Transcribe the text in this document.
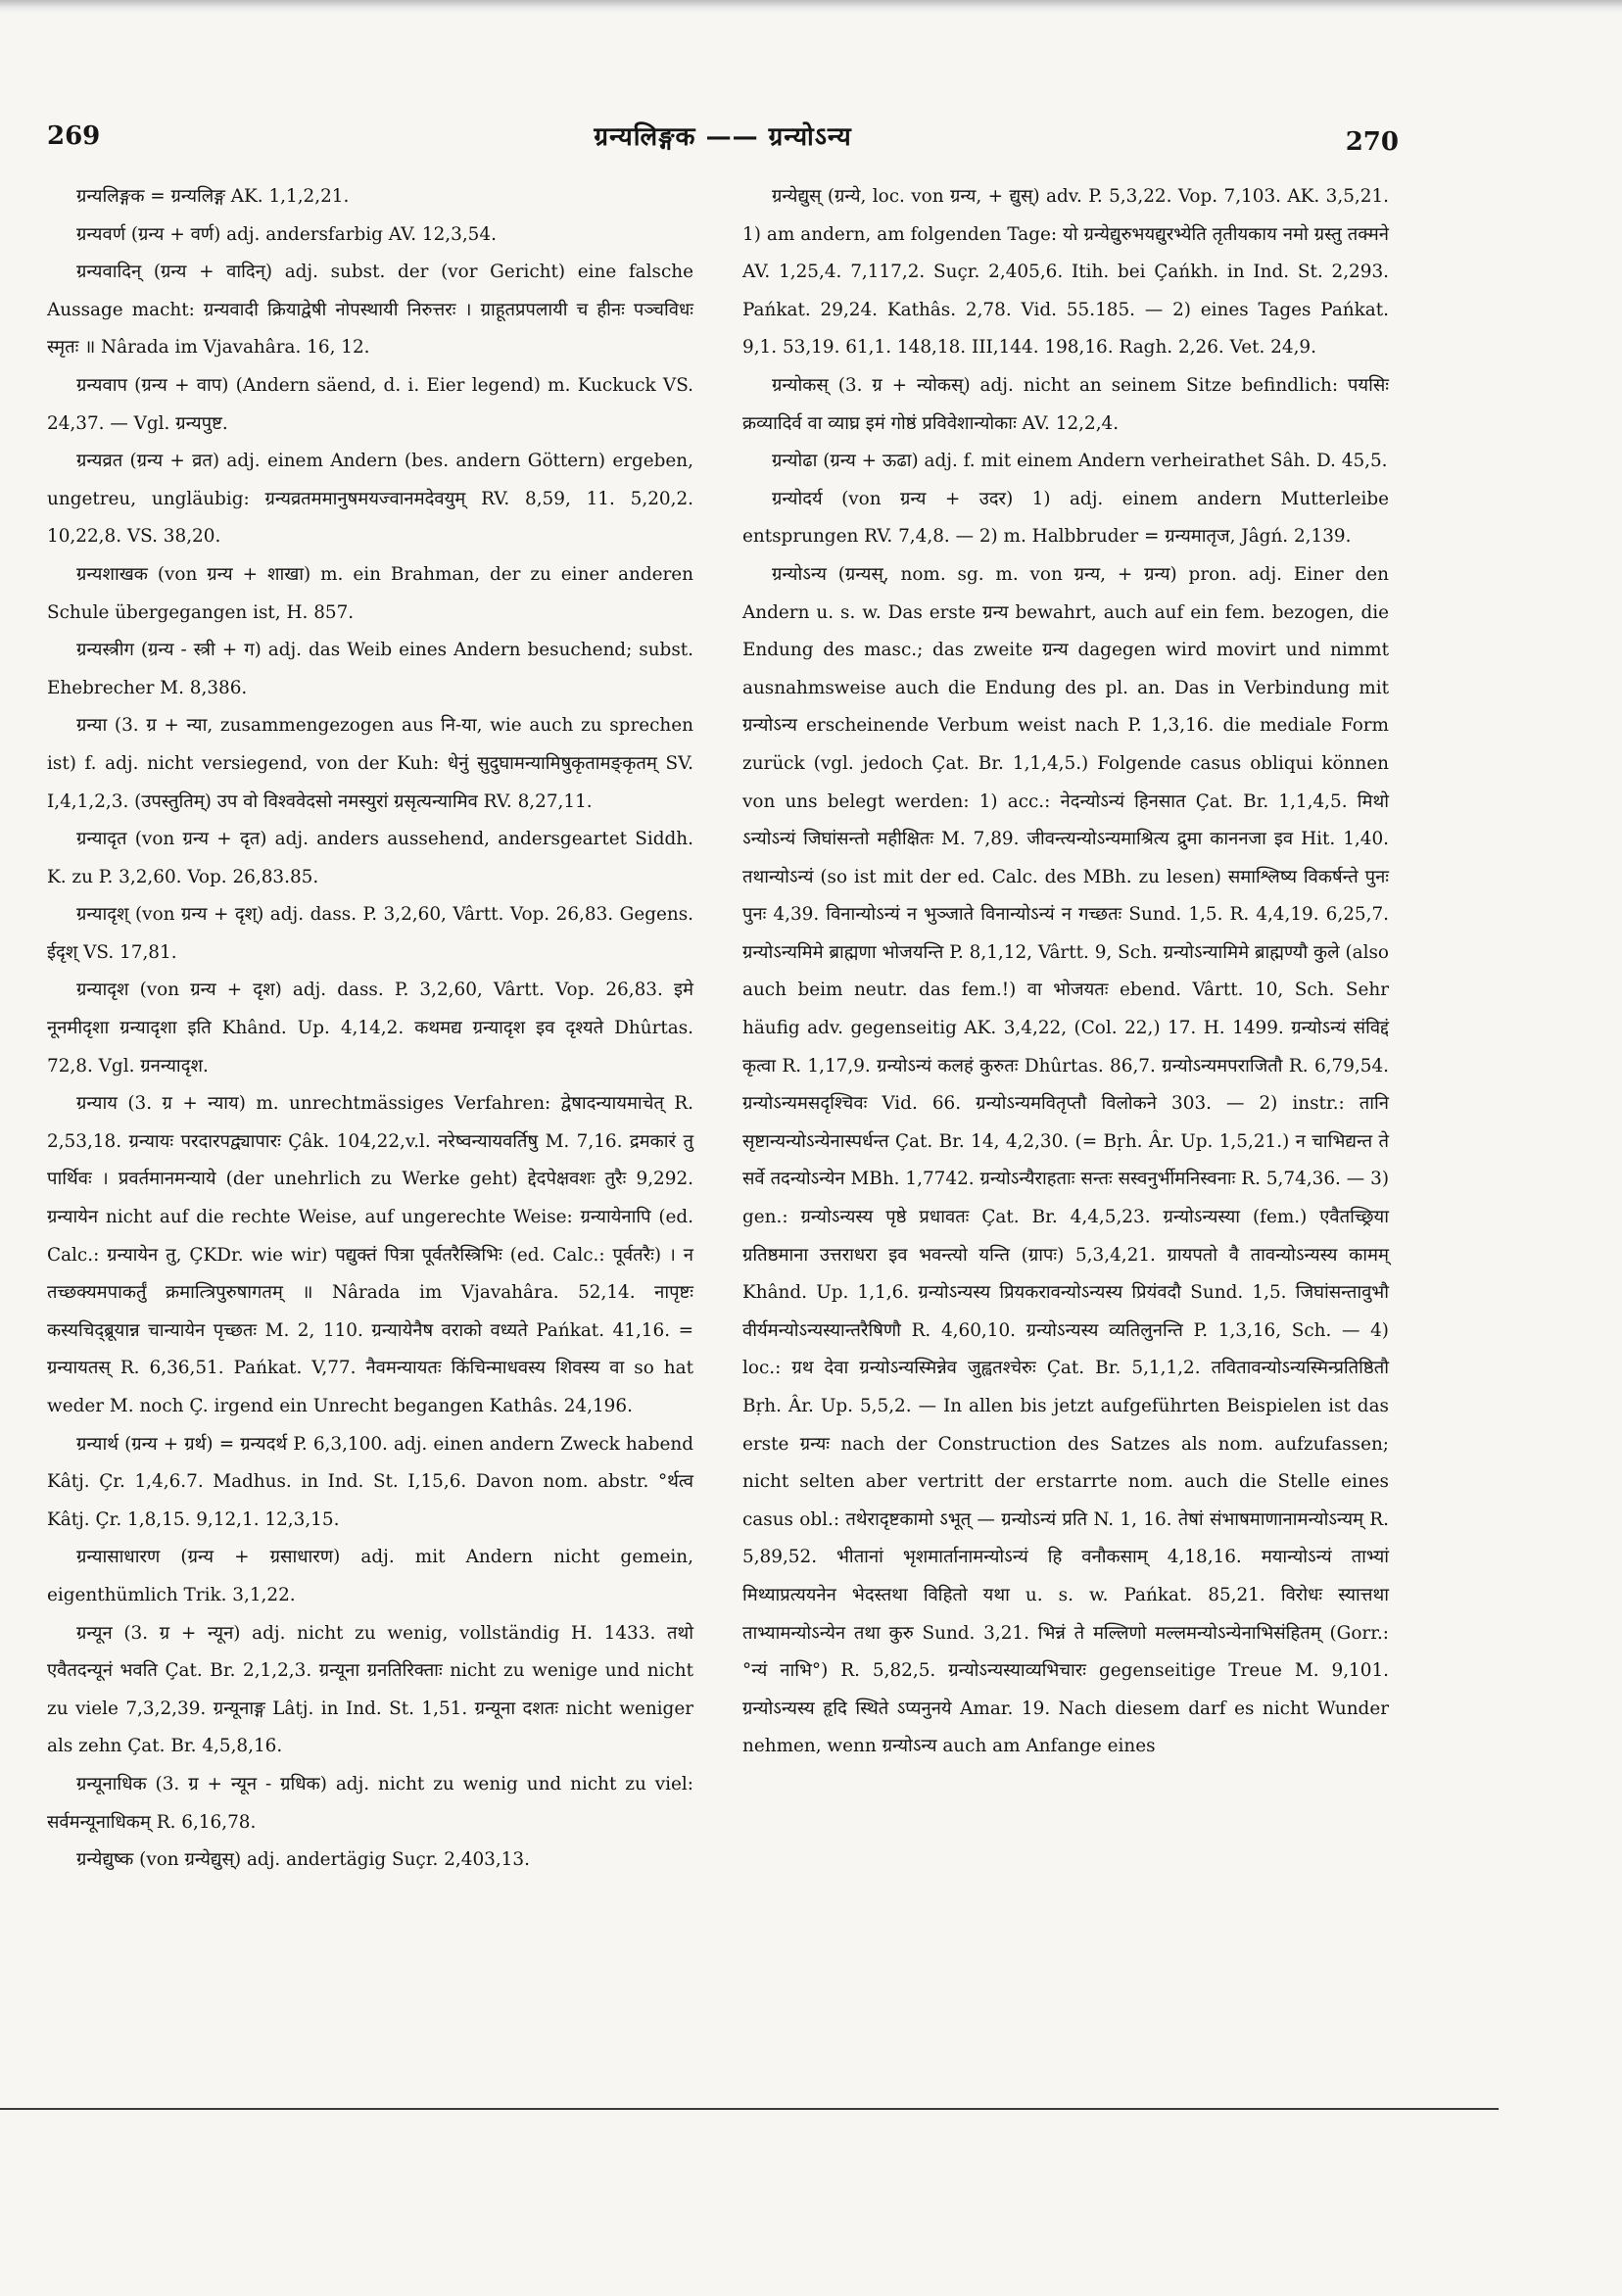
269	ग्रन्यलिङ्गक —— ग्रन्योऽन्य	270

ग्रन्यलिङ्गक = ग्रन्यलिङ्ग AK. 1,1,2,21.

ग्रन्यवर्ण (ग्रन्य + वर्ण) adj. andersfarbig AV. 12,3,54.

ग्रन्यवादिन् (ग्रन्य + वादिन्) adj. subst. der (vor Gericht) eine falsche Aussage macht: ग्रन्यवादी क्रियाद्वेषी नोपस्थायी निरुत्तरः । ग्राहूतप्रपलायी च हीनः पञ्चविधः स्मृतः ॥ Nârada im Vjavahâra. 16, 12.

ग्रन्यवाप (ग्रन्य + वाप) (Andern säend, d. i. Eier legend) m. Kuckuck VS. 24,37. — Vgl. ग्रन्यपुष्ट.

ग्रन्यव्रत (ग्रन्य + व्रत) adj. einem Andern (bes. andern Göttern) ergeben, ungetreu, ungläubig: ग्रन्यव्रतममानुषमयज्वानमदेवयुम् RV. 8,59, 11. 5,20,2. 10,22,8. VS. 38,20.

ग्रन्यशाखक (von ग्रन्य + शाखा) m. ein Brahman, der zu einer anderen Schule übergegangen ist, H. 857.

ग्रन्यस्त्रीग (ग्रन्य - स्त्री + ग) adj. das Weib eines Andern besuchend; subst. Ehebrecher M. 8,386.

ग्रन्या (3. ग्र + न्या, zusammengezogen aus नि-या, wie auch zu sprechen ist) f. adj. nicht versiegend, von der Kuh: धेनुं सुदुघामन्यामिषुकृतामङ्कृतम् SV. I,4,1,2,3. (उपस्तुतिम्) उप वो विश्ववेदसो नमस्युरां ग्रसृत्यन्यामिव RV. 8,27,11.

ग्रन्यादृत (von ग्रन्य + दृत) adj. anders aussehend, andersgeartet Siddh. K. zu P. 3,2,60. Vop. 26,83.85.

ग्रन्यादृश् (von ग्रन्य + दृश्) adj. dass. P. 3,2,60, Vârtt. Vop. 26,83. Gegens. ईदृश् VS. 17,81.

ग्रन्यादृश (von ग्रन्य + दृश) adj. dass. P. 3,2,60, Vârtt. Vop. 26,83. इमे नूनमीदृशा ग्रन्यादृशा इति Khând. Up. 4,14,2. कथमद्य ग्रन्यादृश इव दृश्यते Dhûrtas. 72,8. Vgl. ग्रनन्यादृश.

ग्रन्याय (3. ग्र + न्याय) m. unrechtmässiges Verfahren: द्वेषादन्यायमाचेत् R. 2,53,18. ग्रन्यायः परदारपद्व्यापारः Çâk. 104,22,v.l. नरेष्वन्यायवर्तिषु M. 7,16. द्रमकारं तु पार्थिवः । प्रवर्तमानमन्याये (der unehrlich zu Werke geht) द्देदपेक्षवशः तुरैः 9,292. ग्रन्यायेन nicht auf die rechte Weise, auf ungerechte Weise: ग्रन्यायेनापि (ed. Calc.: ग्रन्यायेन तु, ÇKDr. wie wir) पद्युक्तं पित्रा पूर्वतरैस्त्रिभिः (ed. Calc.: पूर्वतरैः) । न तच्छक्यमपाकर्तुं क्रमात्त्रिपुरुषागतम् ॥ Nârada im Vjavahâra. 52,14. नापृष्टः कस्यचिद्ब्रूयान्न चान्यायेन पृच्छतः M. 2, 110. ग्रन्यायेनैष वराको वध्यते Pańkat. 41,16. = ग्रन्यायतस् R. 6,36,51. Pańkat. V,77. नैवमन्यायतः किंचिन्माधवस्य शिवस्य वा so hat weder M. noch Ç. irgend ein Unrecht begangen Kathâs. 24,196.

ग्रन्यार्थ (ग्रन्य + ग्रर्थ) = ग्रन्यदर्थ P. 6,3,100. adj. einen andern Zweck habend Kâtj. Çr. 1,4,6.7. Madhus. in Ind. St. I,15,6. Davon nom. abstr. °र्थत्व Kâtj. Çr. 1,8,15. 9,12,1. 12,3,15.

ग्रन्यासाधारण (ग्रन्य + ग्रसाधारण) adj. mit Andern nicht gemein, eigenthümlich Trik. 3,1,22.

ग्रन्यून (3. ग्र + न्यून) adj. nicht zu wenig, vollständig H. 1433. तथो एवैतदन्यूनं भवति Çat. Br. 2,1,2,3. ग्रन्यूना ग्रनतिरिक्ताः nicht zu wenige und nicht zu viele 7,3,2,39. ग्रन्यूनाङ्ग Lâtj. in Ind. St. 1,51. ग्रन्यूना दशतः nicht weniger als zehn Çat. Br. 4,5,8,16.

ग्रन्यूनाधिक (3. ग्र + न्यून - ग्रधिक) adj. nicht zu wenig und nicht zu viel: सर्वमन्यूनाधिकम् R. 6,16,78.

ग्रन्येद्युष्क (von ग्रन्येद्युस्) adj. andertägig Suçr. 2,403,13.

ग्रन्येद्युस् (ग्रन्ये, loc. von ग्रन्य, + द्युस्) adv. P. 5,3,22. Vop. 7,103. AK. 3,5,21. 1) am andern, am folgenden Tage: यो ग्रन्येद्युरुभयद्युरभ्येति तृतीयकाय नमो ग्रस्तु तक्मने AV. 1,25,4. 7,117,2. Suçr. 2,405,6. Itih. bei Çańkh. in Ind. St. 2,293. Pańkat. 29,24. Kathâs. 2,78. Vid. 55.185. — 2) eines Tages Pańkat. 9,1. 53,19. 61,1. 148,18. III,144. 198,16. Ragh. 2,26. Vet. 24,9.

ग्रन्योकस् (3. ग्र + न्योकस्) adj. nicht an seinem Sitze befindlich: पयसिः क्रव्यादिर्व वा व्याघ्र इमं गोष्ठं प्रविवेशान्योकाः AV. 12,2,4.

ग्रन्योढा (ग्रन्य + ऊढा) adj. f. mit einem Andern verheirathet Sâh. D. 45,5.

ग्रन्योदर्य (von ग्रन्य + उदर) 1) adj. einem andern Mutterleibe entsprungen RV. 7,4,8. — 2) m. Halbbruder = ग्रन्यमातृज, Jâgń. 2,139.

ग्रन्योऽन्य (ग्रन्यस्, nom. sg. m. von ग्रन्य, + ग्रन्य) pron. adj. Einer den Andern u. s. w. Das erste ग्रन्य bewahrt, auch auf ein fem. bezogen, die Endung des masc.; das zweite ग्रन्य dagegen wird movirt und nimmt ausnahmsweise auch die Endung des pl. an. Das in Verbindung mit ग्रन्योऽन्य erscheinende Verbum weist nach P. 1,3,16. die mediale Form zurück (vgl. jedoch Çat. Br. 1,1,4,5.) Folgende casus obliqui können von uns belegt werden: 1) acc.: नेदन्योऽन्यं हिनसात Çat. Br. 1,1,4,5. मिथो ऽन्योऽन्यं जिघांसन्तो महीक्षितः M. 7,89. जीवन्त्यन्योऽन्यमाश्रित्य द्रुमा काननजा इव Hit. 1,40. तथान्योऽन्यं (so ist mit der ed. Calc. des MBh. zu lesen) समाश्लिष्य विकर्षन्ते पुनः पुनः 4,39. विनान्योऽन्यं न भुञ्जाते विनान्योऽन्यं न गच्छतः Sund. 1,5. R. 4,4,19. 6,25,7. ग्रन्योऽन्यमिमे ब्राह्मणा भोजयन्ति P. 8,1,12, Vârtt. 9, Sch. ग्रन्योऽन्यामिमे ब्राह्मण्यौ कुले (also auch beim neutr. das fem.!) वा भोजयतः ebend. Vârtt. 10, Sch. Sehr häufig adv. gegenseitig AK. 3,4,22, (Col. 22,) 17. H. 1499. ग्रन्योऽन्यं संविद्दं कृत्वा R. 1,17,9. ग्रन्योऽन्यं कलहं कुरुतः Dhûrtas. 86,7. ग्रन्योऽन्यमपराजितौ R. 6,79,54. ग्रन्योऽन्यमसदृश्चिवः Vid. 66. ग्रन्योऽन्यमवितृप्तौ विलोकने 303. — 2) instr.: तानि सृष्टान्यन्योऽन्येनास्पर्धन्त Çat. Br. 14, 4,2,30. (= Bṛh. Âr. Up. 1,5,21.) न चाभिद्यन्त ते सर्वे तदन्योऽन्येन MBh. 1,7742. ग्रन्योऽन्यैराहताः सन्तः सस्वनुर्भीमनिस्वनाः R. 5,74,36. — 3) gen.: ग्रन्योऽन्यस्य पृष्ठे प्रधावतः Çat. Br. 4,4,5,23. ग्रन्योऽन्यस्या (fem.) एवैतच्छ्रिया ग्रतिष्ठमाना उत्तराधरा इव भवन्त्यो यन्ति (ग्रापः) 5,3,4,21. ग्रायपतो वै तावन्योऽन्यस्य कामम् Khând. Up. 1,1,6. ग्रन्योऽन्यस्य प्रियकरावन्योऽन्यस्य प्रियंवदौ Sund. 1,5. जिघांसन्तावुभौ वीर्यमन्योऽन्यस्यान्तरैषिणौ R. 4,60,10. ग्रन्योऽन्यस्य व्यतिलुनन्ति P. 1,3,16, Sch. — 4) loc.: ग्रथ देवा ग्रन्योऽन्यस्मिन्नेव जुह्वतश्चेरुः Çat. Br. 5,1,1,2. तवितावन्योऽन्यस्मिन्प्रतिष्ठितौ Bṛh. Âr. Up. 5,5,2. — In allen bis jetzt aufgeführten Beispielen ist das erste ग्रन्यः nach der Construction des Satzes als nom. aufzufassen; nicht selten aber vertritt der erstarrte nom. auch die Stelle eines casus obl.: तथेरादृष्टकामो ऽभूत् — ग्रन्योऽन्यं प्रति N. 1, 16. तेषां संभाषमाणानामन्योऽन्यम् R. 5,89,52. भीतानां भृशमार्तानामन्योऽन्यं हि वनौकसाम् 4,18,16. मयान्योऽन्यं ताभ्यां मिथ्याप्रत्ययनेन भेदस्तथा विहितो यथा u. s. w. Pańkat. 85,21. विरोधः स्यात्तथा ताभ्यामन्योऽन्येन तथा कुरु Sund. 3,21. भिन्नं ते मल्लिणो मल्लमन्योऽन्येनाभिसंहितम् (Gorr.: °न्यं नाभि°) R. 5,82,5. ग्रन्योऽन्यस्याव्यभिचारः gegenseitige Treue M. 9,101. ग्रन्योऽन्यस्य हृदि स्थिते ऽप्यनुनये Amar. 19. Nach diesem darf es nicht Wunder nehmen, wenn ग्रन्योऽन्य auch am Anfange eines
